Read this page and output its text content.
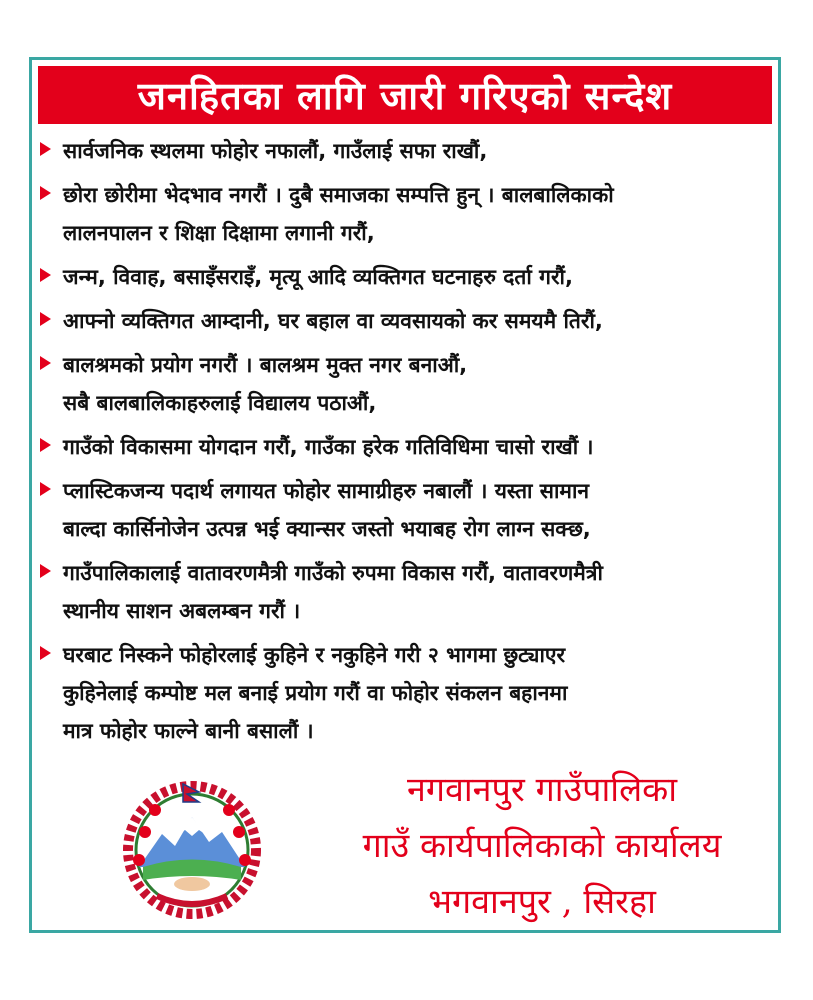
जनहितका लागि जारी गरिएको सन्देश
सार्वजनिक स्थलमा फोहोर नफालौं, गाउँलाई सफा राखौं,
छोरा छोरीमा भेदभाव नगरौं । दुबै समाजका सम्पत्ति हुन् । बालबालिकाको
लालनपालन र शिक्षा दिक्षामा लगानी गरौं,
जन्म, विवाह, बसाइँसराइँ, मृत्यू आदि व्यक्तिगत घटनाहरु दर्ता गरौं,
आफ्नो व्यक्तिगत आम्दानी, घर बहाल वा व्यवसायको कर समयमै तिरौं,
बालश्रमको प्रयोग नगरौं । बालश्रम मुक्त नगर बनाऔं,
सबै बालबालिकाहरुलाई विद्यालय पठाऔं,
गाउँको विकासमा योगदान गरौं, गाउँका हरेक गतिविधिमा चासो राखौं ।
प्लास्टिकजन्य पदार्थ लगायत फोहोर सामाग्रीहरु नबालौं । यस्ता सामान
बाल्दा कार्सिनोजेन उत्पन्न भई क्यान्सर जस्तो भयाबह रोग लाग्न सक्छ,
गाउँपालिकालाई वातावरणमैत्री गाउँको रुपमा विकास गरौं, वातावरणमैत्री
स्थानीय साशन अबलम्बन गरौं ।
घरबाट निस्कने फोहोरलाई कुहिने र नकुहिने गरी २ भागमा छुट्याएर
कुहिनेलाई कम्पोष्ट मल बनाई प्रयोग गरौं वा फोहोर संकलन बहानमा
मात्र फोहोर फाल्ने बानी बसालौं ।
नगवानपुर गाउँपालिका
गाउँ कार्यपालिकाको कार्यालय
भगवानपुर , सिरहा
